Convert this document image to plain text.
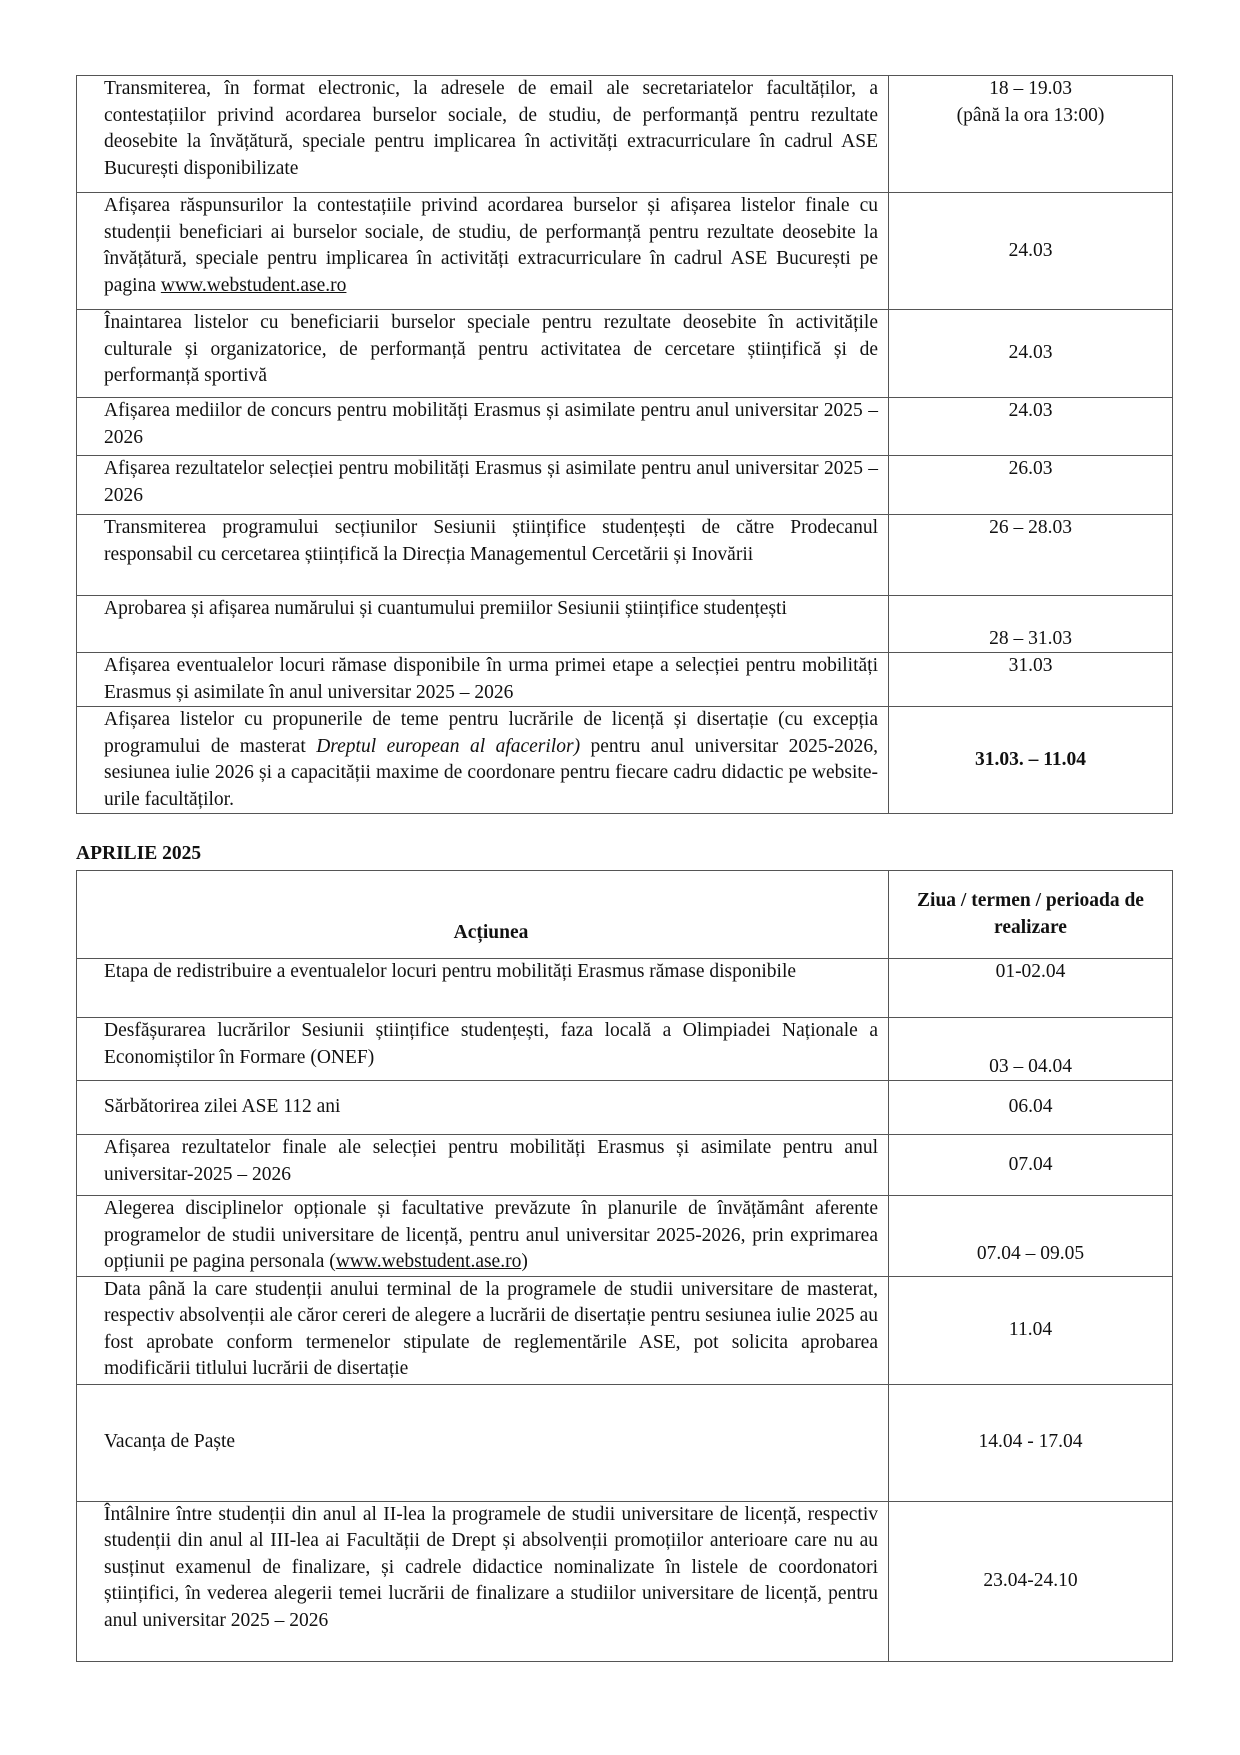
Transmiterea, în format electronic, la adresele de email ale secretariatelor facultăților, a contestațiilor privind acordarea burselor sociale, de studiu, de performanță pentru rezultate deosebite la învățătură, speciale pentru implicarea în activități extracurriculare în cadrul ASE București disponibilizate	18 – 19.03
(până la ora 13:00)

Afișarea răspunsurilor la contestațiile privind acordarea burselor și afișarea listelor finale cu studenții beneficiari ai burselor sociale, de studiu, de performanță pentru rezultate deosebite la învățătură, speciale pentru implicarea în activități extracurriculare în cadrul ASE București pe pagina www.webstudent.ase.ro	24.03
Înaintarea listelor cu beneficiarii burselor speciale pentru rezultate deosebite în activitățile culturale și organizatorice, de performanță pentru activitatea de cercetare științifică și de performanță sportivă	24.03
Afișarea mediilor de concurs pentru mobilități Erasmus și asimilate pentru anul universitar 2025 – 2026	24.03
Afișarea rezultatelor selecției pentru mobilități Erasmus și asimilate pentru anul universitar 2025 – 2026	26.03
Transmiterea programului secțiunilor Sesiunii științifice studențești de către Prodecanul responsabil cu cercetarea științifică la Direcția Managementul Cercetării și Inovării	26 – 28.03
Aprobarea și afișarea numărului și cuantumului premiilor Sesiunii științifice studențești	28 – 31.03
Afișarea eventualelor locuri rămase disponibile în urma primei etape a selecției pentru mobilități Erasmus și asimilate în anul universitar 2025 – 2026	31.03
Afișarea listelor cu propunerile de teme pentru lucrările de licență și disertație (cu excepția programului de masterat Dreptul european al afacerilor) pentru anul universitar 2025-2026, sesiunea iulie 2026 și a capacității maxime de coordonare pentru fiecare cadru didactic pe website-urile facultăților.	31.03. – 11.04
APRILIE 2025
Acțiunea	Ziua / termen / perioada de realizare
Etapa de redistribuire a eventualelor locuri pentru mobilități Erasmus rămase disponibile	01-02.04
Desfășurarea lucrărilor Sesiunii științifice studențești, faza locală a Olimpiadei Naționale a Economiștilor în Formare (ONEF)	03 – 04.04
Sărbătorirea zilei ASE 112 ani	06.04
Afișarea rezultatelor finale ale selecției pentru mobilități Erasmus și asimilate pentru anul universitar-2025 – 2026	07.04
Alegerea disciplinelor opționale și facultative prevăzute în planurile de învățământ aferente programelor de studii universitare de licență, pentru anul universitar 2025-2026, prin exprimarea opțiunii pe pagina personala (www.webstudent.ase.ro)	07.04 – 09.05
Data până la care studenții anului terminal de la programele de studii universitare de masterat, respectiv absolvenții ale căror cereri de alegere a lucrării de disertație pentru sesiunea iulie 2025 au fost aprobate conform termenelor stipulate de reglementările ASE, pot solicita aprobarea modificării titlului lucrării de disertație	11.04
Vacanța de Paște	14.04 - 17.04
Întâlnire între studenții din anul al II-lea la programele de studii universitare de licență, respectiv studenții din anul al III-lea ai Facultății de Drept și absolvenții promoțiilor anterioare care nu au susținut examenul de finalizare, și cadrele didactice nominalizate în listele de coordonatori științifici, în vederea alegerii temei lucrării de finalizare a studiilor universitare de licență, pentru anul universitar 2025 – 2026	23.04-24.10
